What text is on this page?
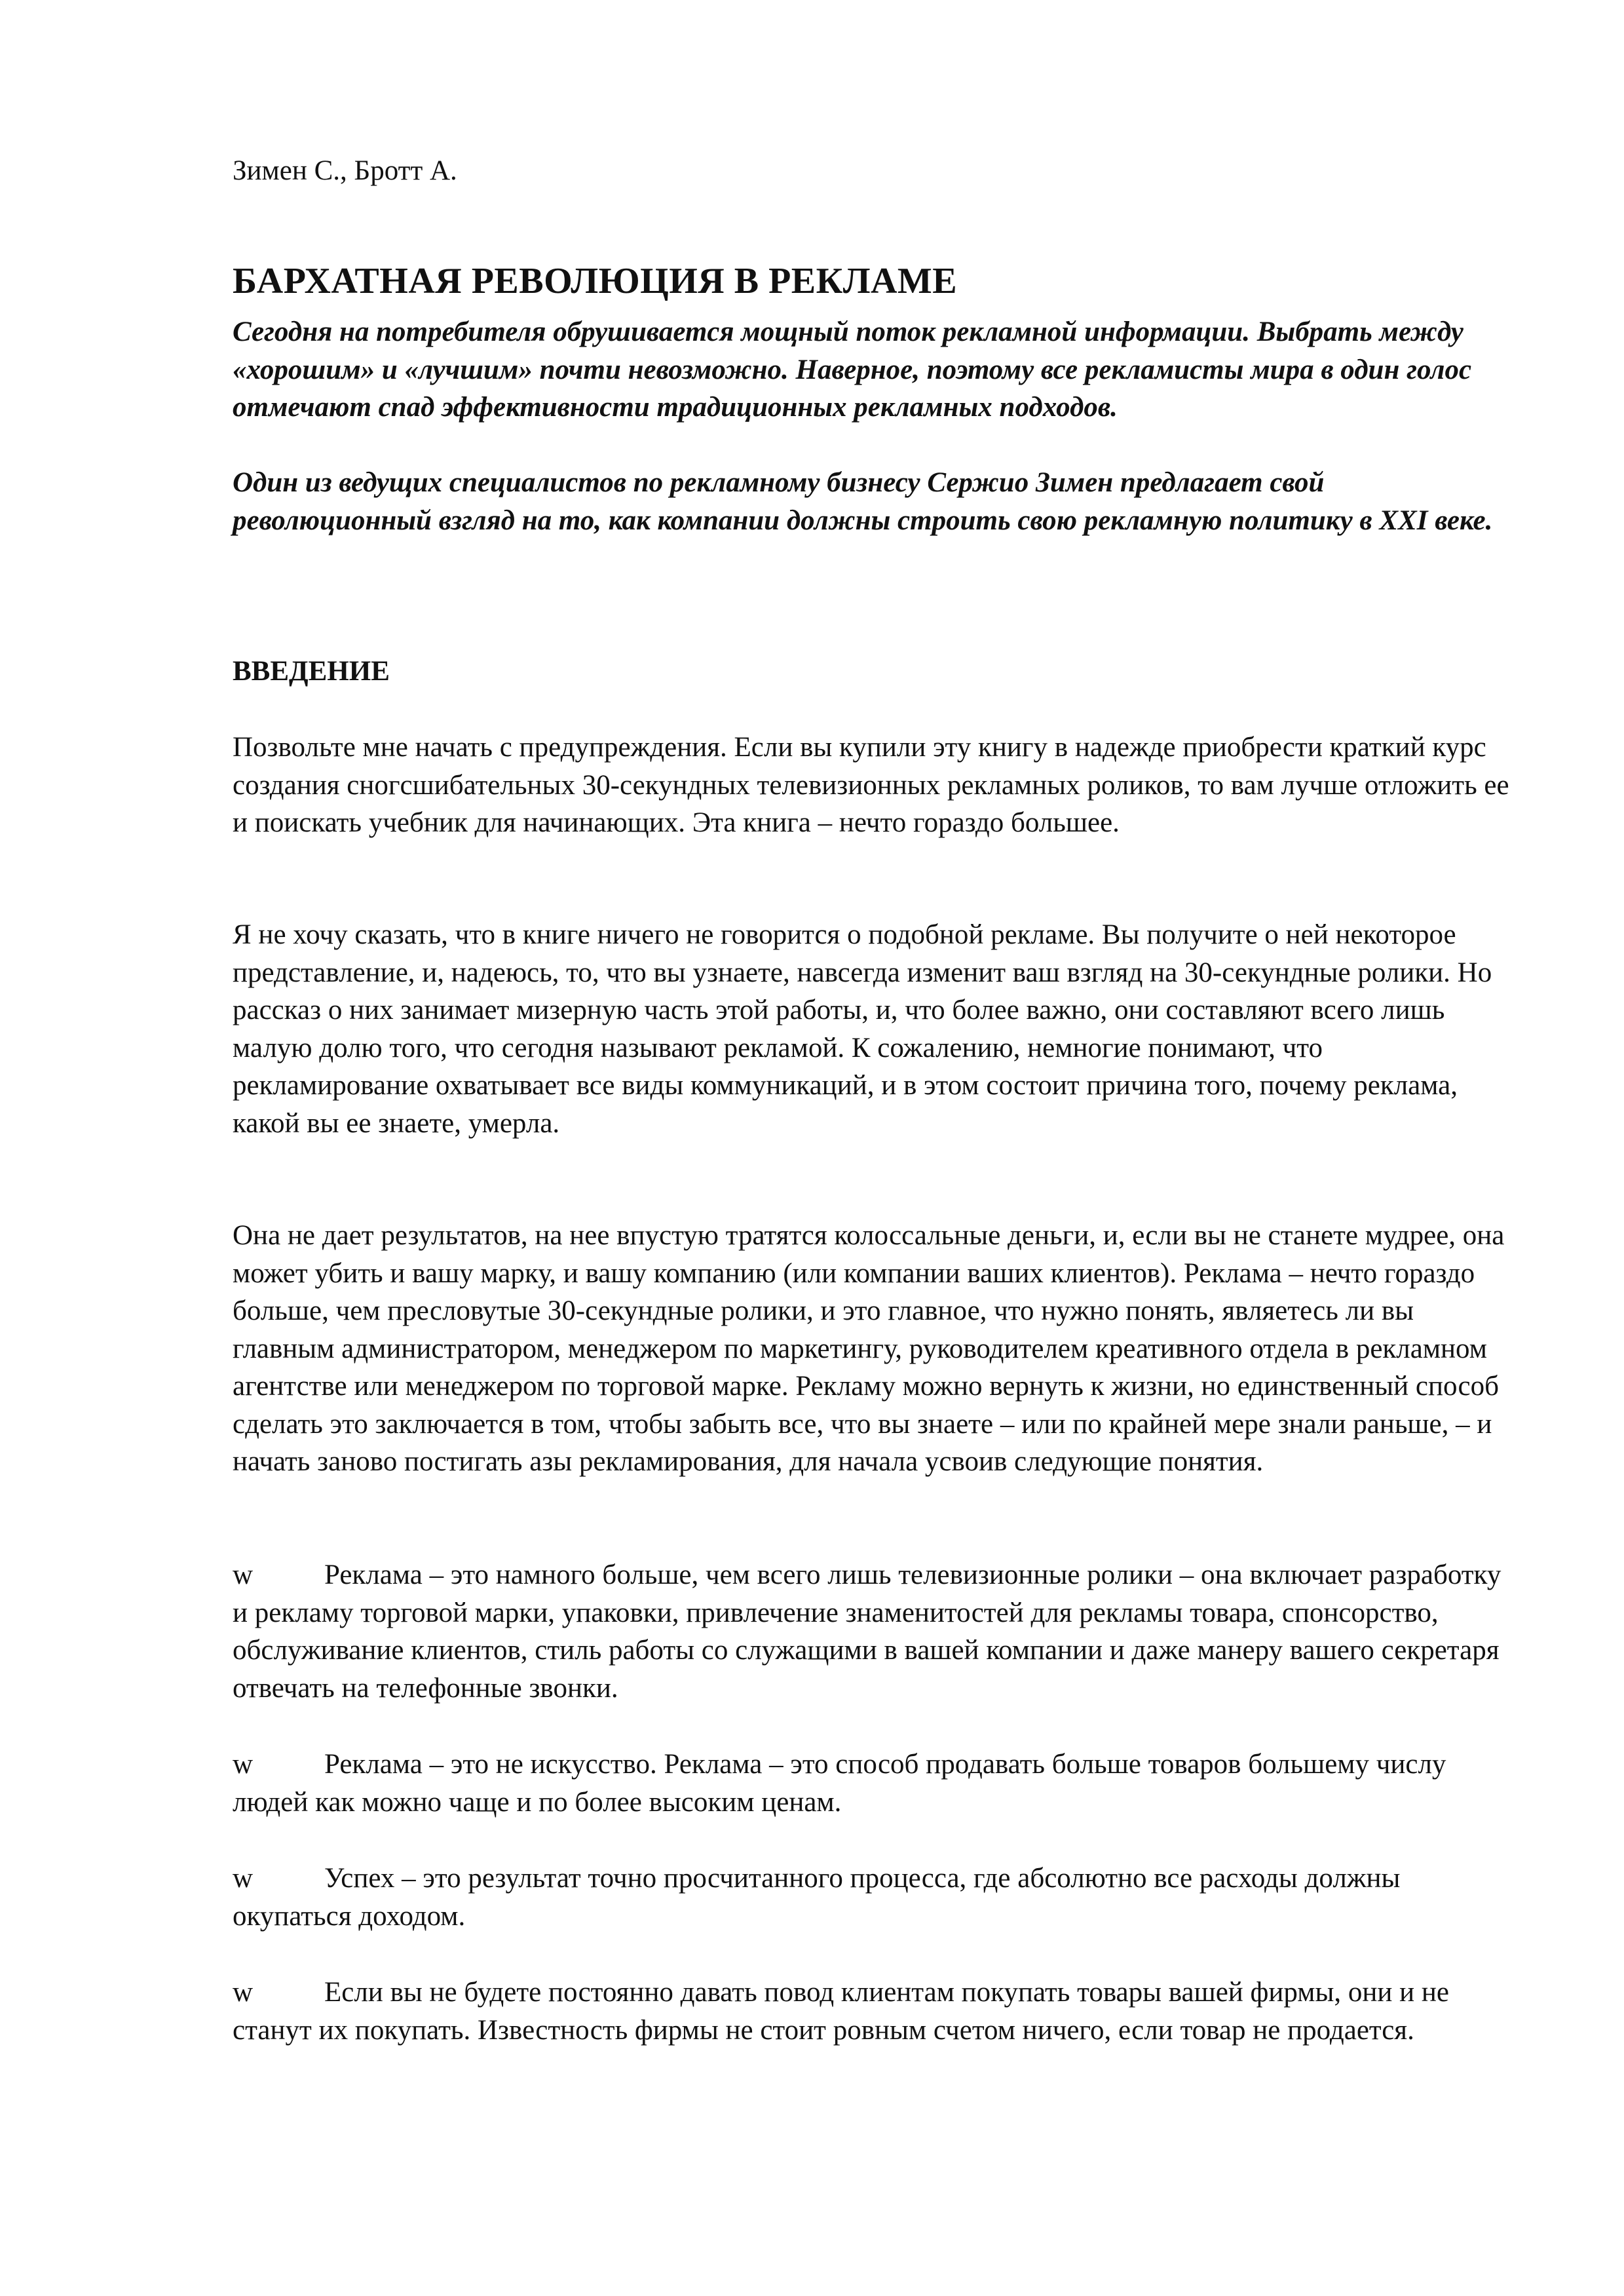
Зимен С., Бротт А.

БАРХАТНАЯ РЕВОЛЮЦИЯ В РЕКЛАМЕ

Сегодня на потребителя обрушивается мощный поток рекламной информации. Выбрать между «хорошим» и «лучшим» почти невозможно. Наверное, поэтому все рекламисты мира в один голос отмечают спад эффективности традиционных рекламных подходов.

Один из ведущих специалистов по рекламному бизнесу Сержио Зимен предлагает свой революционный взгляд на то, как компании должны строить свою рекламную политику в XXI веке.

ВВЕДЕНИЕ

Позвольте мне начать с предупреждения. Если вы купили эту книгу в надежде приобрести краткий курс создания сногсшибательных 30-секундных телевизионных рекламных роликов, то вам лучше отложить ее и поискать учебник для начинающих. Эта книга – нечто гораздо большее.

Я не хочу сказать, что в книге ничего не говорится о подобной рекламе. Вы получите о ней некоторое представление, и, надеюсь, то, что вы узнаете, навсегда изменит ваш взгляд на 30-секундные ролики. Но рассказ о них занимает мизерную часть этой работы, и, что более важно, они составляют всего лишь малую долю того, что сегодня называют рекламой. К сожалению, немногие понимают, что рекламирование охватывает все виды коммуникаций, и в этом состоит причина того, почему реклама, какой вы ее знаете, умерла.

Она не дает результатов, на нее впустую тратятся колоссальные деньги, и, если вы не станете мудрее, она может убить и вашу марку, и вашу компанию (или компании ваших клиентов). Реклама – нечто гораздо больше, чем пресловутые 30-секундные ролики, и это главное, что нужно понять, являетесь ли вы главным администратором, менеджером по маркетингу, руководителем креативного отдела в рекламном агентстве или менеджером по торговой марке. Рекламу можно вернуть к жизни, но единственный способ сделать это заключается в том, чтобы забыть все, что вы знаете – или по крайней мере знали раньше, – и начать заново постигать азы рекламирования, для начала усвоив следующие понятия.

w	Реклама – это намного больше, чем всего лишь телевизионные ролики – она включает разработку и рекламу торговой марки, упаковки, привлечение знаменитостей для рекламы товара, спонсорство, обслуживание клиентов, стиль работы со служащими в вашей компании и даже манеру вашего секретаря отвечать на телефонные звонки.

w	Реклама – это не искусство. Реклама – это способ продавать больше товаров большему числу людей как можно чаще и по более высоким ценам.

w	Успех – это результат точно просчитанного процесса, где абсолютно все расходы должны окупаться доходом.

w	Если вы не будете постоянно давать повод клиентам покупать товары вашей фирмы, они и не станут их покупать. Известность фирмы не стоит ровным счетом ничего, если товар не продается.
